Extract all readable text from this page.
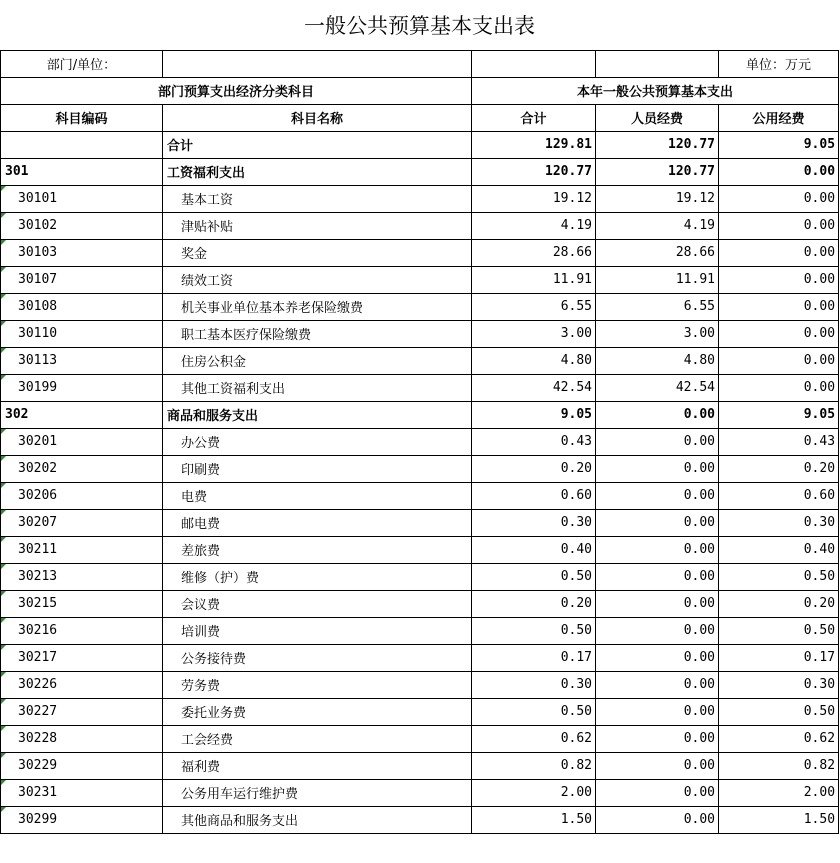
一般公共预算基本支出表				
部门/单位：				单位：万元
部门预算支出经济分类科目		本年一般公共预算基本支出		
科目编码	科目名称	合计	人员经费	公用经费
	合计	129.81	120.77	9.05
301	工资福利支出	120.77	120.77	0.00
30101	基本工资	19.12	19.12	0.00
30102	津贴补贴	4.19	4.19	0.00
30103	奖金	28.66	28.66	0.00
30107	绩效工资	11.91	11.91	0.00
30108	机关事业单位基本养老保险缴费	6.55	6.55	0.00
30110	职工基本医疗保险缴费	3.00	3.00	0.00
30113	住房公积金	4.80	4.80	0.00
30199	其他工资福利支出	42.54	42.54	0.00
302	商品和服务支出	9.05	0.00	9.05
30201	办公费	0.43	0.00	0.43
30202	印刷费	0.20	0.00	0.20
30206	电费	0.60	0.00	0.60
30207	邮电费	0.30	0.00	0.30
30211	差旅费	0.40	0.00	0.40
30213	维修（护）费	0.50	0.00	0.50
30215	会议费	0.20	0.00	0.20
30216	培训费	0.50	0.00	0.50
30217	公务接待费	0.17	0.00	0.17
30226	劳务费	0.30	0.00	0.30
30227	委托业务费	0.50	0.00	0.50
30228	工会经费	0.62	0.00	0.62
30229	福利费	0.82	0.00	0.82
30231	公务用车运行维护费	2.00	0.00	2.00
30299	其他商品和服务支出	1.50	0.00	1.50
